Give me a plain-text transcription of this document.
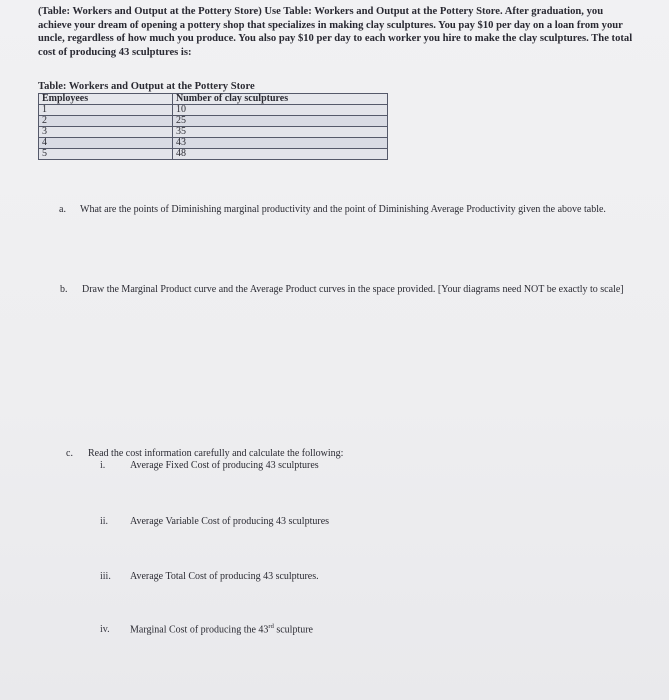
(Table: Workers and Output at the Pottery Store) Use Table: Workers and Output at the Pottery Store. After graduation, you achieve your dream of opening a pottery shop that specializes in making clay sculptures. You pay $10 per day on a loan from your uncle, regardless of how much you produce. You also pay $10 per day to each worker you hire to make the clay sculptures. The total cost of producing 43 sculptures is:
Table: Workers and Output at the Pottery Store
Employees	Number of clay sculptures
1	10
2	25
3	35
4	43
5	48
a. What are the points of Diminishing marginal productivity and the point of Diminishing Average Productivity given the above table.
b. Draw the Marginal Product curve and the Average Product curves in the space provided. [Your diagrams need NOT be exactly to scale]
c. Read the cost information carefully and calculate the following:
i. Average Fixed Cost of producing 43 sculptures
ii. Average Variable Cost of producing 43 sculptures
iii. Average Total Cost of producing 43 sculptures.
iv. Marginal Cost of producing the 43rd sculpture
